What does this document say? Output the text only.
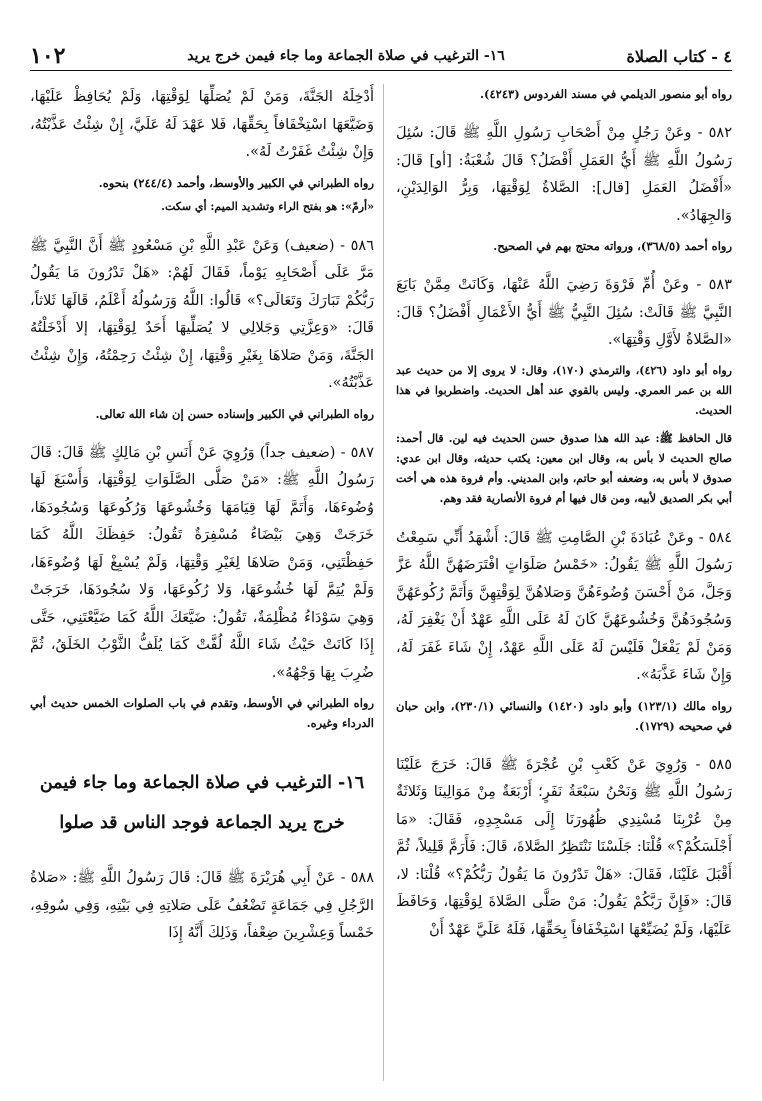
٤ - كتاب الصلاة
١٦- الترغيب في صلاة الجماعة وما جاء فيمن خرج يريد
١٠٢

رواه أبو منصور الديلمي في مسند الفردوس (٤٢٤٣).

٥٨٢ - وعَنْ رَجُلٍ مِنْ أَصْحَابِ رَسُولِ اللَّهِ ﷺ قَالَ: سُئِلَ رَسُولُ اللَّهِ ﷺ أَيُّ العَمَلِ أَفْضَلُ؟ قَالَ شُعْبَةُ: [أو] قَالَ: «أَفْضَلُ العَمَلِ [قال]: الصَّلاةُ لِوَقْتِهَا، وَبِرُّ الوَالِدَيْنِ، وَالجِهَادُ».

رواه أحمد (٣٦٨/٥)، ورواته محتج بهم في الصحيح.

٥٨٣ - وعَنْ أُمِّ فَرْوَةَ رَضِيَ اللَّهُ عَنْهَا، وَكَانَتْ مِمَّنْ بَايَعَ النَّبِيَّ ﷺ قَالَتْ: سُئِلَ النَّبِيُّ ﷺ أَيُّ الأَعْمَالِ أَفْضَلُ؟ قَالَ: «الصَّلاةُ لأَوَّلِ وَقْتِهَا».

رواه أبو داود (٤٢٦)، والترمذي (١٧٠)، وقال: لا يروى إلا من حديث عبد الله بن عمر العمري. وليس بالقوي عند أهل الحديث. واضطربوا في هذا الحديث.

قال الحافظ ﷺ: عبد الله هذا صدوق حسن الحديث فيه لين. قال أحمد: صالح الحديث لا بأس به، وقال ابن معين: يكتب حديثه، وقال ابن عدي: صدوق لا بأس به، وضعفه أبو حاتم، وابن المديني. وأم فروة هذه هي أخت أبي بكر الصديق لأبيه، ومن قال فيها أم فروة الأنصارية فقد وهم.

٥٨٤ - وعَنْ عُبَادَةَ بْنِ الصَّامِتِ ﷺ قَالَ: أَشْهَدُ أَنِّي سَمِعْتُ رَسُولَ اللَّهِ ﷺ يَقُولُ: «خَمْسُ صَلَوَاتٍ افْتَرَضَهُنَّ اللَّهُ عَزَّ وَجَلَّ، مَنْ أَحْسَنَ وُضُوءَهُنَّ وَصَلاهُنَّ لِوَقْتِهِنَّ وَأَتَمَّ رُكُوعَهُنَّ وَسُجُودَهُنَّ وَخُشُوعَهُنَّ كَانَ لَهُ عَلَى اللَّهِ عَهْدٌ أَنْ يَغْفِرَ لَهُ، وَمَنْ لَمْ يَفْعَلْ فَلَيْسَ لَهُ عَلَى اللَّهِ عَهْدٌ، إِنْ شَاءَ غَفَرَ لَهُ، وَإِنْ شَاءَ عَذَّبَهُ».

رواه مالك (١٢٣/١) وأبو داود (١٤٢٠) والنسائي (٢٣٠/١)، وابن حبان في صحيحه (١٧٢٩).

٥٨٥ - وَرُوِيَ عَنْ كَعْبِ بْنِ عُجْرَةَ ﷺ قَالَ: خَرَجَ عَلَيْنَا رَسُولُ اللَّهِ ﷺ وَنَحْنُ سَبْعَةُ نَفَرٍ؛ أَرْبَعَةٌ مِنْ مَوَالِينَا وَثَلاثَةٌ مِنْ عُرْبِنَا مُسْنِدِي ظُهُورَنَا إِلَى مَسْجِدِهِ، فَقَالَ: «مَا أَجْلَسَكُمْ؟» قُلْنَا: جَلَسْنَا نَنْتَظِرُ الصَّلاةَ، قَالَ: فَأَرَمَّ قَلِيلاً، ثُمَّ أَقْبَلَ عَلَيْنَا، فَقَالَ: «هَلْ تَدْرُونَ مَا يَقُولُ رَبُّكُمْ؟» قُلْنَا: لا، قَالَ: «فَإِنَّ رَبَّكُمْ يَقُولُ: مَنْ صَلَّى الصَّلاةَ لِوَقْتِهَا، وَحَافَظَ عَلَيْهَا، وَلَمْ يُضَيِّعْهَا اسْتِخْفَافاً بِحَقِّهَا، فَلَهُ عَلَيَّ عَهْدٌ أَنْ

أُدْخِلَهُ الجَنَّةَ، وَمَنْ لَمْ يُصَلِّهَا لِوَقْتِهَا، وَلَمْ يُحَافِظْ عَلَيْهَا، وَضَيَّعَهَا اسْتِخْفَافاً بِحَقِّهَا، فَلا عَهْدَ لَهُ عَلَيَّ، إِنْ شِئْتُ عَذَّبْتُهُ، وَإِنْ شِئْتُ غَفَرْتُ لَهُ».

رواه الطبراني في الكبير والأوسط، وأحمد (٢٤٤/٤) بنحوه.

«أرمّ»: هو بفتح الراء وتشديد الميم: أي سكت.

٥٨٦ - (ضعيف) وَعَنْ عَبْدِ اللَّهِ بْنِ مَسْعُودٍ ﷺ أَنَّ النَّبِيَّ ﷺ مَرَّ عَلَى أَصْحَابِهِ يَوْماً، فَقَالَ لَهُمْ: «هَلْ تَدْرُونَ مَا يَقُولُ رَبُّكُمْ تَبَارَكَ وَتَعَالَى؟» قَالُوا: اللَّهُ وَرَسُولُهُ أَعْلَمُ، قَالَهَا ثَلاثاً، قَالَ: «وَعِزَّتِي وَجَلالِي لا يُصَلِّيهَا أَحَدٌ لِوَقْتِهَا، إلا أَدْخَلْتُهُ الجَنَّةَ، وَمَنْ صَلاهَا بِغَيْرِ وَقْتِهَا، إِنْ شِئْتُ رَحِمْتُهُ، وَإِنْ شِئْتُ عَذَّبْتُهُ».

رواه الطبراني في الكبير وإسناده حسن إن شاء الله تعالى.

٥٨٧ - (ضعيف جداً) وَرُوِيَ عَنْ أَنَسِ بْنِ مَالِكٍ ﷺ قَالَ: قَالَ رَسُولُ اللَّهِ ﷺ: «مَنْ صَلَّى الصَّلَوَاتِ لِوَقْتِهَا، وَأَسْبَغَ لَهَا وُضُوءَهَا، وَأَتَمَّ لَهَا قِيَامَهَا وَخُشُوعَهَا وَرُكُوعَهَا وَسُجُودَهَا، خَرَجَتْ وَهِيَ بَيْضَاءُ مُسْفِرَةٌ تَقُولُ: حَفِظَكَ اللَّهُ كَمَا حَفِظْتَنِي، وَمَنْ صَلاهَا لِغَيْرِ وَقْتِهَا، وَلَمْ يُسْبِغْ لَهَا وُضُوءَهَا، وَلَمْ يُتِمَّ لَهَا خُشُوعَهَا، وَلا رُكُوعَهَا، وَلا سُجُودَهَا، خَرَجَتْ وَهِيَ سَوْدَاءُ مُظْلِمَةٌ، تَقُولُ: ضَيَّعَكَ اللَّهُ كَمَا ضَيَّعْتَنِي، حَتَّى إِذَا كَانَتْ حَيْثُ شَاءَ اللَّهُ لُفَّتْ كَمَا يُلَفُّ الثَّوْبُ الخَلَقُ، ثُمَّ ضُرِبَ بِهَا وَجْهُهُ».

رواه الطبراني في الأوسط، وتقدم في باب الصلوات الخمس حديث أبي الدرداء وغيره.

١٦- الترغيب في صلاة الجماعة وما جاء فيمن خرج يريد الجماعة فوجد الناس قد صلوا

٥٨٨ - عَنْ أَبِي هُرَيْرَةَ ﷺ قَالَ: قَالَ رَسُولُ اللَّهِ ﷺ: «صَلاةُ الرَّجُلِ فِي جَمَاعَةٍ تَضْعُفُ عَلَى صَلاتِهِ فِي بَيْتِهِ، وَفِي سُوقِهِ، خَمْساً وَعِشْرِينَ ضِعْفاً، وَذَلِكَ أَنَّهُ إِذَا
